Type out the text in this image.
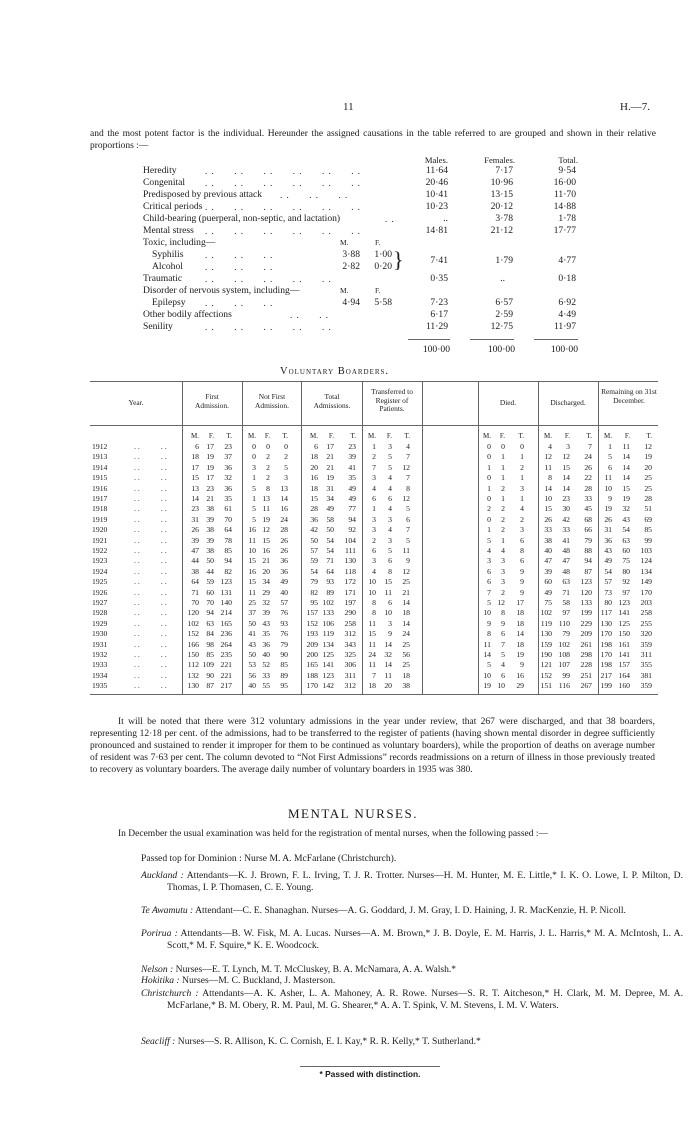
11	H.—7.
and the most potent factor is the individual. Hereunder the assigned causations in the table referred to are grouped and shown in their relative proportions :—
Males.	Females.	Total.
Heredity	. .      . .      . .      . .      . .      . .	11·64	7·17	9·54
Congenital . .      . .      . .      . .      . .      . .	20·46	10·96	16·00
Predisposed by previous attack . .      . .      . .	10·41	13·15	11·70
Critical periods . .      . .      . .      . .      . .      . .	10·23	20·12	14·88
Child-bearing (puerperal, non-septic, and lactation)	. .	..	3·78	1·78
Mental stress . .      . .      . .      . .      . .      . .	14·81	21·12	17·77
Toxic, including—	M.	F.
Syphilis . .      . .      . .	3·88	1·00
Alcohol . .      . .      . .	2·82	0·20 }	7·41	1·79	4·77
Traumatic	. .      . .      . .      . .      . .	0·35	..	0·18
Disorder of nervous system, including—	M.	F.
Epilepsy . .      . .      . .	4·94	5·58	7·23	6·57	6·92
Other bodily affections	. .      . .	6·17	2·59	4·49
Senility	. .      . .      . .      . .      . .	11·29	12·75	11·97
100·00	100·00	100·00
Voluntary Boarders.
Year.
First Admission.
Not First Admission.
Total Admissions.
Transferred to Register of Patients.
Died.	Discharged.
Remaining on 31st December.
M.	F.	T.	M.	F.	T.	M.	F.	T.	M.	F.	T.	M.	F.	T.	M.	F.	T.	M.	F.	T.
1912	. .           . .	6 17	23	0	0	0	6	17	23	1	3	4	0	0	0	4	3	7	1	11	12
1913	. .           . .	18 19	37	0	2	2	18	21	39	2	5	7	0	1	1	12	12	24	5	14	19
1914	. .           . .	17 19	36	3	2	5	20	21	41	7	5	12	1	1	2	11	15	26	6	14	20
1915	. .           . .	15 17	32	1	2	3	16	19	35	3	4	7	0	1	1	8	14	22	11	14	25
1916	. .           . .	13 23	36	5	8	13	18	31	49	4	4	8	1	2	3	14	14	28	10	15	25
1917	. .           . .	14 21	35	1 13	14	15	34	49	6	6	12	0	1	1	10	23	33	9	19	28
1918	. .           . .	23 38	61	5 11	16	28	49	77	1	4	5	2	2	4	15	30	45	19	32	51
1919	. .           . .	31 39	70	5 19	24	36	58	94	3	3	6	0	2	2	26	42	68	26	43	69
1920	. .           . .	26 38	64	16 12	28	42	50	92	3	4	7	1	2	3	33	33	66	31	54	85
1921	. .           . .	39 39	78	11 15	26	50	54	104	2	3	5	5	1	6	38	41	79	36	63	99
1922	. .           . .	47 38	85	10 16	26	57	54	111	6	5	11	4	4	8	40	48	88	43	60	103
1923	. .           . .	44 50	94	15 21	36	59	71	130	3	6	9	3	3	6	47	47	94	49	75	124
1924	. .           . .	38 44	82	16 20	36	54	64	118	4	8	12	6	3	9	39	48	87	54	80	134
1925	. .           . .	64 59 123	15 34	49	79	93	172	10	15	25	6	3	9	60	63	123	57	92	149
1926	. .           . .	71 60 131	11 29	40	82	89	171	10	11	21	7	2	9	49	71	120	73	97	170
1927	. .           . .	70 70 140	25 32	57	95 102	197	8	6	14	5 12	17	75	58	133	80 123	203
1928	. .           . .	120 94 214	37 39	76	157 133	290	8	10	18	10	8	18	102	97	199	117 141	258
1929	. .           . .	102 63 165	50 43	93	152 106	258	11	3	14	9	9	18	119 110	229	130 125	255
1930	. .           . .	152 84 236	41 35	76	193 119	312	15	9	24	8	6	14	130	79	209	170 150	320
1931	. .           . .	166 98 264	43 36	79	209 134	343	11	14	25	11	7	18	159 102	261	198 161	359
1932	. .           . .	150 85 235	50 40	90	200 125	325	24	32	56	14	5	19	190 108	298	170 141	311
1933	. .           . .	112 109 221	53 52	85	165 141	306	11	14	25	5	4	9	121 107	228	198 157	355
1934	. .           . .	132 90 221	56 33	89	188 123	311	7	11	18	10	6	16	152	99	251	217 164	381
1935	. .           . .	130 87 217	40 55	95	170 142	312	18	20	38	19 10	29	151 116	267	199 160	359
It will be noted that there were 312 voluntary admissions in the year under review, that 267 were discharged, and that 38 boarders, representing 12·18 per cent. of the admissions, had to be transferred to the register of patients (having shown mental disorder in degree sufficiently pronounced and sustained to render it improper for them to be continued as voluntary boarders), while the proportion of deaths on average number of resident was 7·63 per cent. The column devoted to “Not First Admissions” records readmissions on a return of illness in those previously treated to recovery as voluntary boarders. The average daily number of voluntary boarders in 1935 was 380.
MENTAL NURSES.
In December the usual examination was held for the registration of mental nurses, when the following passed :—
Passed top for Dominion : Nurse M. A. McFarlane (Christchurch).
Auckland : Attendants—K. J. Brown, F. L. Irving, T. J. R. Trotter. Nurses—H. M. Hunter, M. E. Little,* I. K. O. Lowe, I. P. Milton, D. Thomas, I. P. Thomasen, C. E. Young.
Te Awamutu : Attendant—C. E. Shanaghan. Nurses—A. G. Goddard, J. M. Gray, I. D. Haining, J. R. MacKenzie, H. P. Nicoll.
Porirua : Attendants—B. W. Fisk, M. A. Lucas. Nurses—A. M. Brown,* J. B. Doyle, E. M. Harris, J. L. Harris,* M. A. McIntosh, L. A. Scott,* M. F. Squire,* K. E. Woodcock.
Nelson : Nurses—E. T. Lynch, M. T. McCluskey, B. A. McNamara, A. A. Walsh.*
Hokitika : Nurses—M. C. Buckland, J. Masterson.
Christchurch : Attendants—A. K. Asher, L. A. Mahoney, A. R. Rowe. Nurses—S. R. T. Aitcheson,* H. Clark, M. M. Depree, M. A. McFarlane,* B. M. Obery, R. M. Paul, M. G. Shearer,* A. A. T. Spink, V. M. Stevens, I. M. V. Waters.
Seacliff : Nurses—S. R. Allison, K. C. Cornish, E. I. Kay,* R. R. Kelly,* T. Sutherland.*
* Passed with distinction.
